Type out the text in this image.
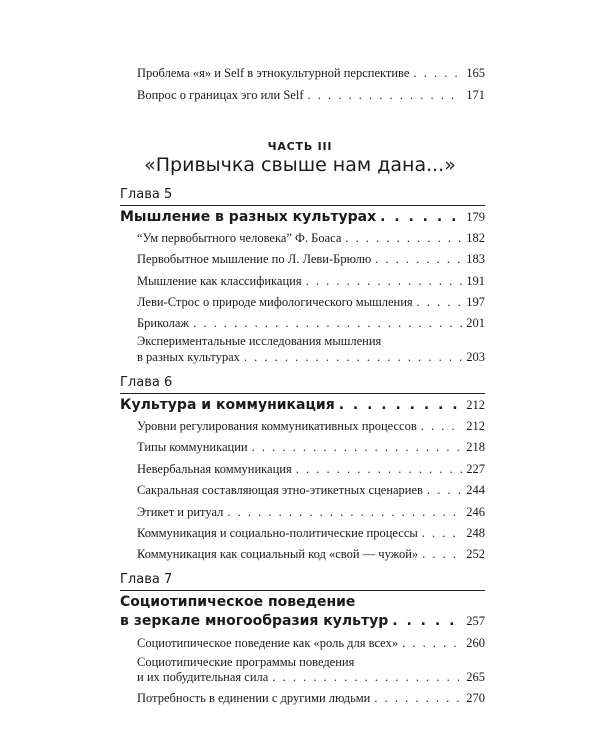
Проблема «я» и Self в этнокультурной перспективе . . .	165
Вопрос о границах эго или Self . . .	171
ЧАСТЬ III
«Привычка свыше нам дана...»
Глава 5
Мышление в разных культурах . . .	179
“Ум первобытного человека” Ф. Боаса . . .	182
Первобытное мышление по Л. Леви-Брюлю . . .	183
Мышление как классификация . . .	191
Леви-Строс о природе мифологического мышления . . .	197
Бриколаж . . .	201
Экспериментальные исследования мышления
в разных культурах . . .	203
Глава 6
Культура и коммуникация . . .	212
Уровни регулирования коммуникативных процессов . . .	212
Типы коммуникации . . .	218
Невербальная коммуникация . . .	227
Сакральная составляющая этно-этикетных сценариев . . .	244
Этикет и ритуал . . .	246
Коммуникация и социально-политические процессы . . .	248
Коммуникация как социальный код «свой — чужой» . . .	252
Глава 7
Социотипическое поведение
в зеркале многообразия культур . . .	257
Социотипическое поведение как «роль для всех» . . .	260
Социотипические программы поведения
и их побудительная сила . . .	265
Потребность в единении с другими людьми . . .	270
